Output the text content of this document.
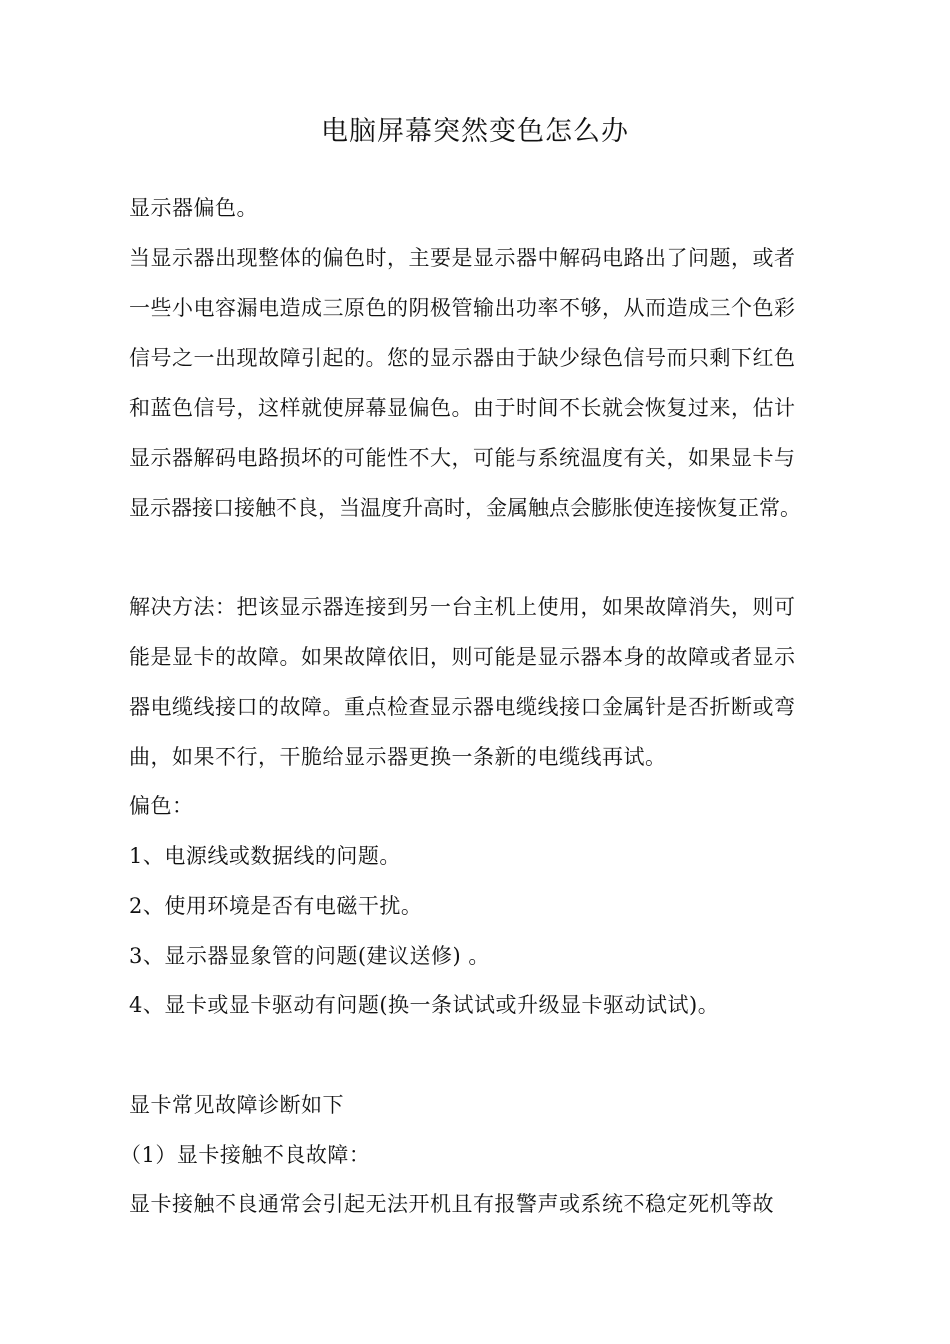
电脑屏幕突然变色怎么办
显示器偏色。
当显示器出现整体的偏色时，主要是显示器中解码电路出了问题，或者
一些小电容漏电造成三原色的阴极管输出功率不够，从而造成三个色彩
信号之一出现故障引起的。您的显示器由于缺少绿色信号而只剩下红色
和蓝色信号，这样就使屏幕显偏色。由于时间不长就会恢复过来，估计
显示器解码电路损坏的可能性不大，可能与系统温度有关，如果显卡与
显示器接口接触不良，当温度升高时，金属触点会膨胀使连接恢复正常。
解决方法：把该显示器连接到另一台主机上使用，如果故障消失，则可
能是显卡的故障。如果故障依旧，则可能是显示器本身的故障或者显示
器电缆线接口的故障。重点检查显示器电缆线接口金属针是否折断或弯
曲，如果不行，干脆给显示器更换一条新的电缆线再试。
偏色：
1、电源线或数据线的问题。
2、使用环境是否有电磁干扰。
3、显示器显象管的问题(建议送修) 。
4、显卡或显卡驱动有问题(换一条试试或升级显卡驱动试试)。
显卡常见故障诊断如下
（1）显卡接触不良故障：
显卡接触不良通常会引起无法开机且有报警声或系统不稳定死机等故
